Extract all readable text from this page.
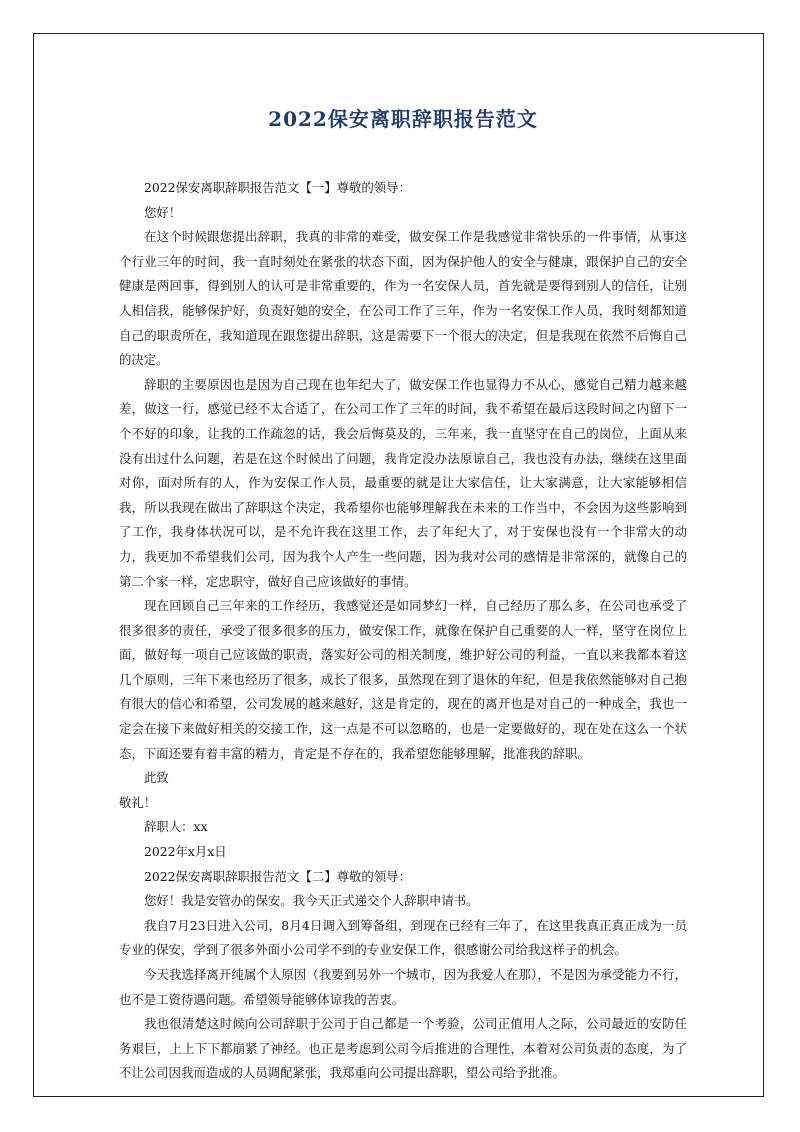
2022保安离职辞职报告范文

2022保安离职辞职报告范文【一】尊敬的领导：

您好！

在这个时候跟您提出辞职，我真的非常的难受，做安保工作是我感觉非常快乐的一件事情，从事这个行业三年的时间，我一直时刻处在紧张的状态下面，因为保护他人的安全与健康，跟保护自己的安全健康是两回事，得到别人的认可是非常重要的，作为一名安保人员，首先就是要得到别人的信任，让别人相信我，能够保护好，负责好她的安全，在公司工作了三年，作为一名安保工作人员，我时刻都知道自己的职责所在，我知道现在跟您提出辞职，这是需要下一个很大的决定，但是我现在依然不后悔自己的决定。

辞职的主要原因也是因为自己现在也年纪大了，做安保工作也显得力不从心，感觉自己精力越来越差，做这一行，感觉已经不太合适了，在公司工作了三年的时间，我不希望在最后这段时间之内留下一个不好的印象，让我的工作疏忽的话，我会后悔莫及的，三年来，我一直坚守在自己的岗位，上面从来没有出过什么问题，若是在这个时候出了问题，我肯定没办法原谅自己，我也没有办法，继续在这里面对你，面对所有的人，作为安保工作人员，最重要的就是让大家信任，让大家满意，让大家能够相信我，所以我现在做出了辞职这个决定，我希望你也能够理解我在未来的工作当中，不会因为这些影响到了工作，我身体状况可以，是不允许我在这里工作，去了年纪大了，对于安保也没有一个非常大的动力，我更加不希望我们公司，因为我个人产生一些问题，因为我对公司的感情是非常深的，就像自己的第二个家一样，定忠职守，做好自己应该做好的事情。

现在回顾自己三年来的工作经历，我感觉还是如同梦幻一样，自己经历了那么多，在公司也承受了很多很多的责任，承受了很多很多的压力，做安保工作，就像在保护自己重要的人一样，坚守在岗位上面，做好每一项自己应该做的职责，落实好公司的相关制度，维护好公司的利益，一直以来我都本着这几个原则，三年下来也经历了很多，成长了很多，虽然现在到了退休的年纪，但是我依然能够对自己抱有很大的信心和希望，公司发展的越来越好，这是肯定的，现在的离开也是对自己的一种成全，我也一定会在接下来做好相关的交接工作，这一点是不可以忽略的，也是一定要做好的，现在处在这么一个状态，下面还要有着丰富的精力，肯定是不存在的，我希望您能够理解，批准我的辞职。

此致

敬礼！

辞职人：xx

2022年x月x日

2022保安离职辞职报告范文【二】尊敬的领导：

您好！我是安管办的保安。我今天正式递交个人辞职申请书。

我自7月23日进入公司，8月4日调入到筹备组，到现在已经有三年了，在这里我真正真正成为一员专业的保安，学到了很多外面小公司学不到的专业安保工作，很感谢公司给我这样子的机会。

今天我选择离开纯属个人原因（我要到另外一个城市，因为我爱人在那），不是因为承受能力不行，也不是工资待遇问题。希望领导能够体谅我的苦衷。

我也很清楚这时候向公司辞职于公司于自己都是一个考验，公司正值用人之际，公司最近的安防任务艰巨，上上下下都崩紧了神经。也正是考虑到公司今后推进的合理性，本着对公司负责的态度，为了不让公司因我而造成的人员调配紧张，我郑重向公司提出辞职，望公司给予批准。
